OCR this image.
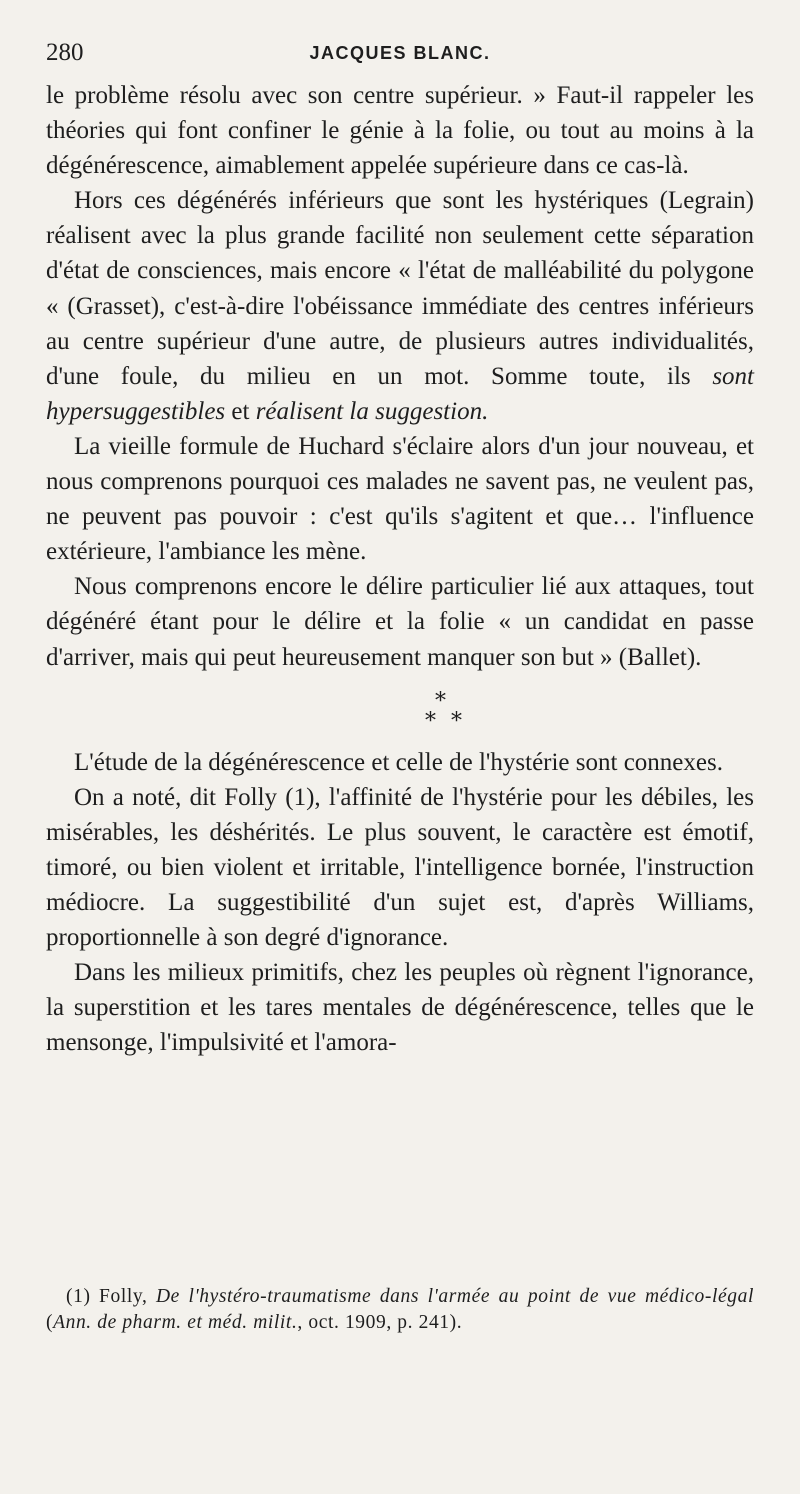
280	JACQUES BLANC.

le problème résolu avec son centre supérieur. » Faut-il rappeler les théories qui font confiner le génie à la folie, ou tout au moins à la dégénérescence, aimablement appelée supérieure dans ce cas-là.

Hors ces dégénérés inférieurs que sont les hystériques (Legrain) réalisent avec la plus grande facilité non seulement cette séparation d'état de consciences, mais encore « l'état de malléabilité du polygone « (Grasset), c'est-à-dire l'obéissance immédiate des centres inférieurs au centre supérieur d'une autre, de plusieurs autres individualités, d'une foule, du milieu en un mot. Somme toute, ils sont hypersuggestibles et réalisent la suggestion.

La vieille formule de Huchard s'éclaire alors d'un jour nouveau, et nous comprenons pourquoi ces malades ne savent pas, ne veulent pas, ne peuvent pas pouvoir : c'est qu'ils s'agitent et que… l'influence extérieure, l'ambiance les mène.

Nous comprenons encore le délire particulier lié aux attaques, tout dégénéré étant pour le délire et la folie « un candidat en passe d'arriver, mais qui peut heureusement manquer son but » (Ballet).

*
* *

L'étude de la dégénérescence et celle de l'hystérie sont connexes.

On a noté, dit Folly (1), l'affinité de l'hystérie pour les débiles, les misérables, les déshérités. Le plus souvent, le caractère est émotif, timoré, ou bien violent et irritable, l'intelligence bornée, l'instruction médiocre. La suggestibilité d'un sujet est, d'après Williams, proportionnelle à son degré d'ignorance.

Dans les milieux primitifs, chez les peuples où règnent l'ignorance, la superstition et les tares mentales de dégénérescence, telles que le mensonge, l'impulsivité et l'amora-

(1) Folly, De l'hystéro-traumatisme dans l'armée au point de vue médico-légal (Ann. de pharm. et méd. milit., oct. 1909, p. 241).
